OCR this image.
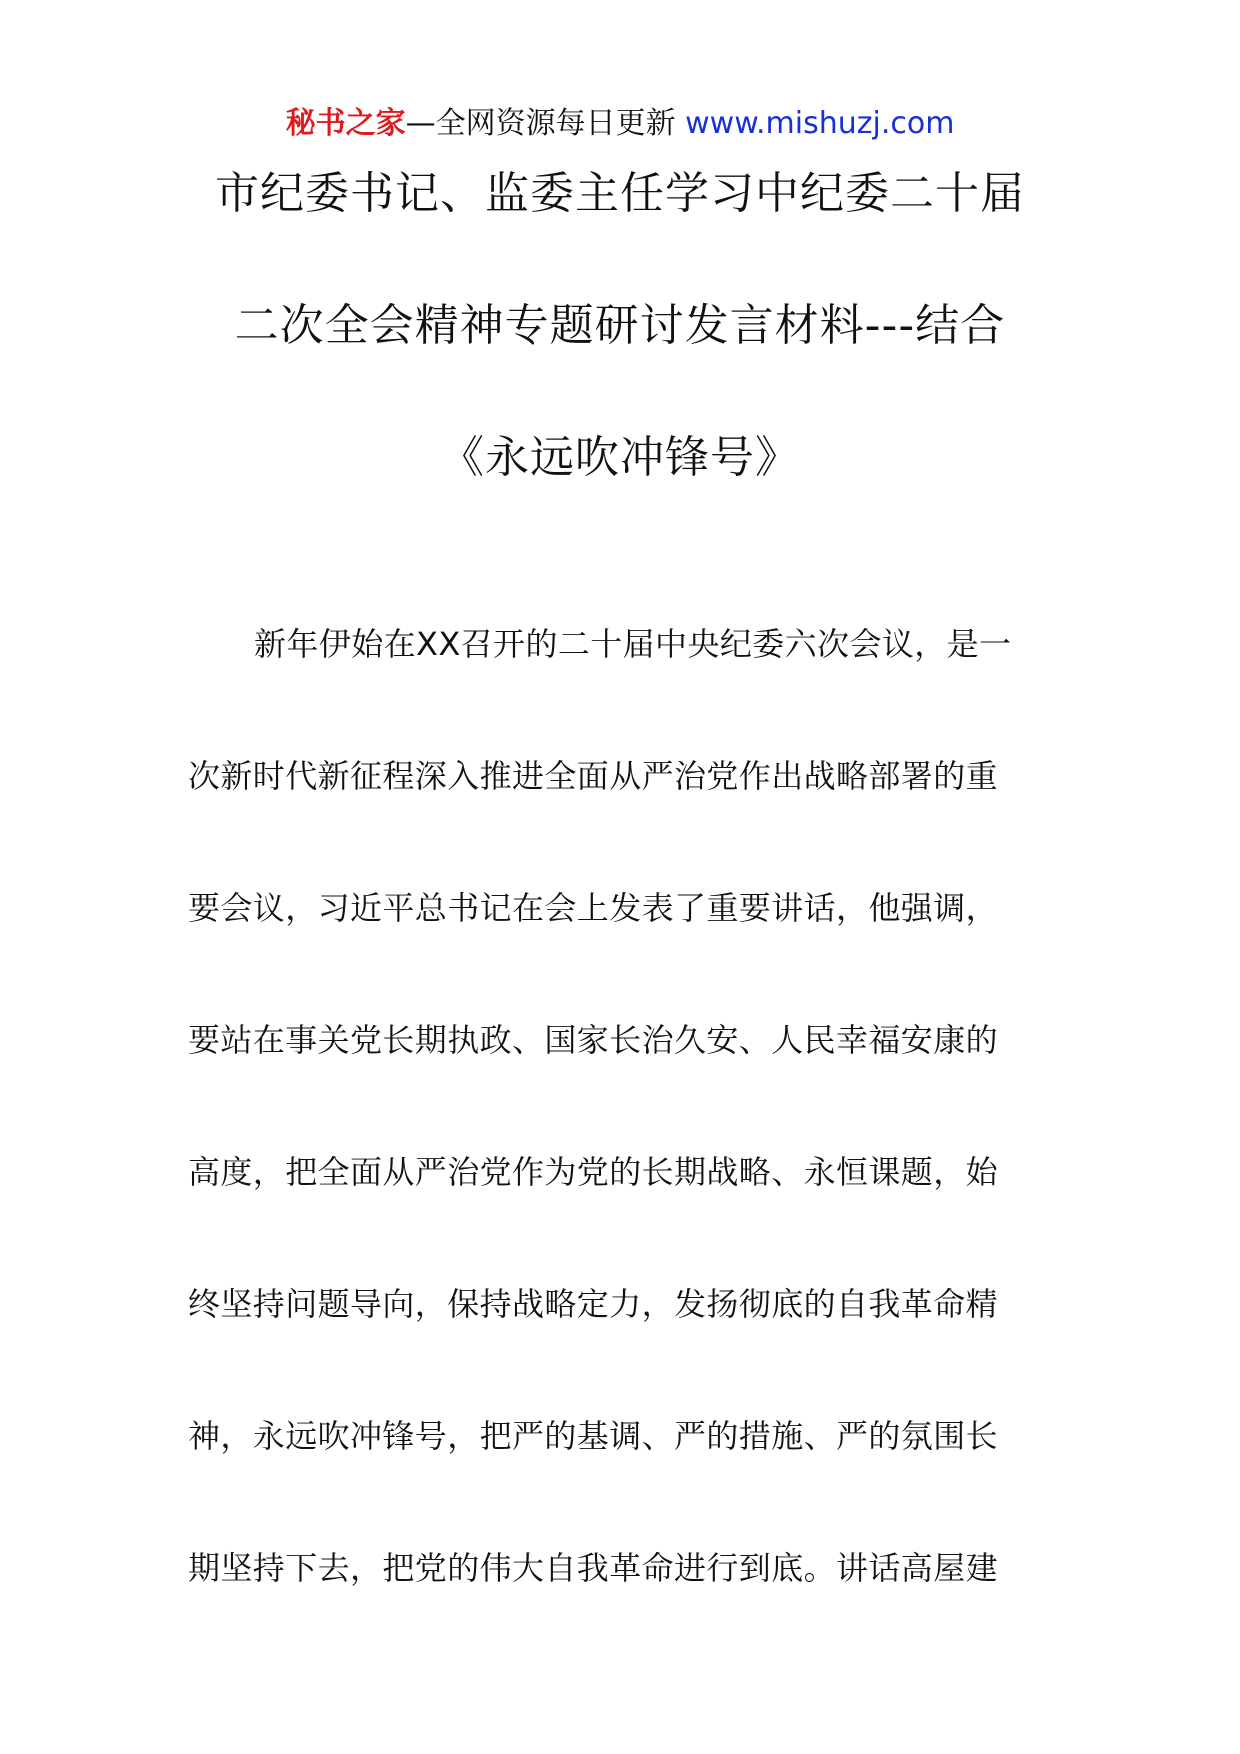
秘书之家—全网资源每日更新 www.mishuzj.com
市纪委书记、监委主任学习中纪委二十届
二次全会精神专题研讨发言材料---结合
《永远吹冲锋号》
新年伊始在XX召开的二十届中央纪委六次会议，是一
次新时代新征程深入推进全面从严治党作出战略部署的重
要会议，习近平总书记在会上发表了重要讲话，他强调，
要站在事关党长期执政、国家长治久安、人民幸福安康的
高度，把全面从严治党作为党的长期战略、永恒课题，始
终坚持问题导向，保持战略定力，发扬彻底的自我革命精
神，永远吹冲锋号，把严的基调、严的措施、严的氛围长
期坚持下去，把党的伟大自我革命进行到底。讲话高屋建
